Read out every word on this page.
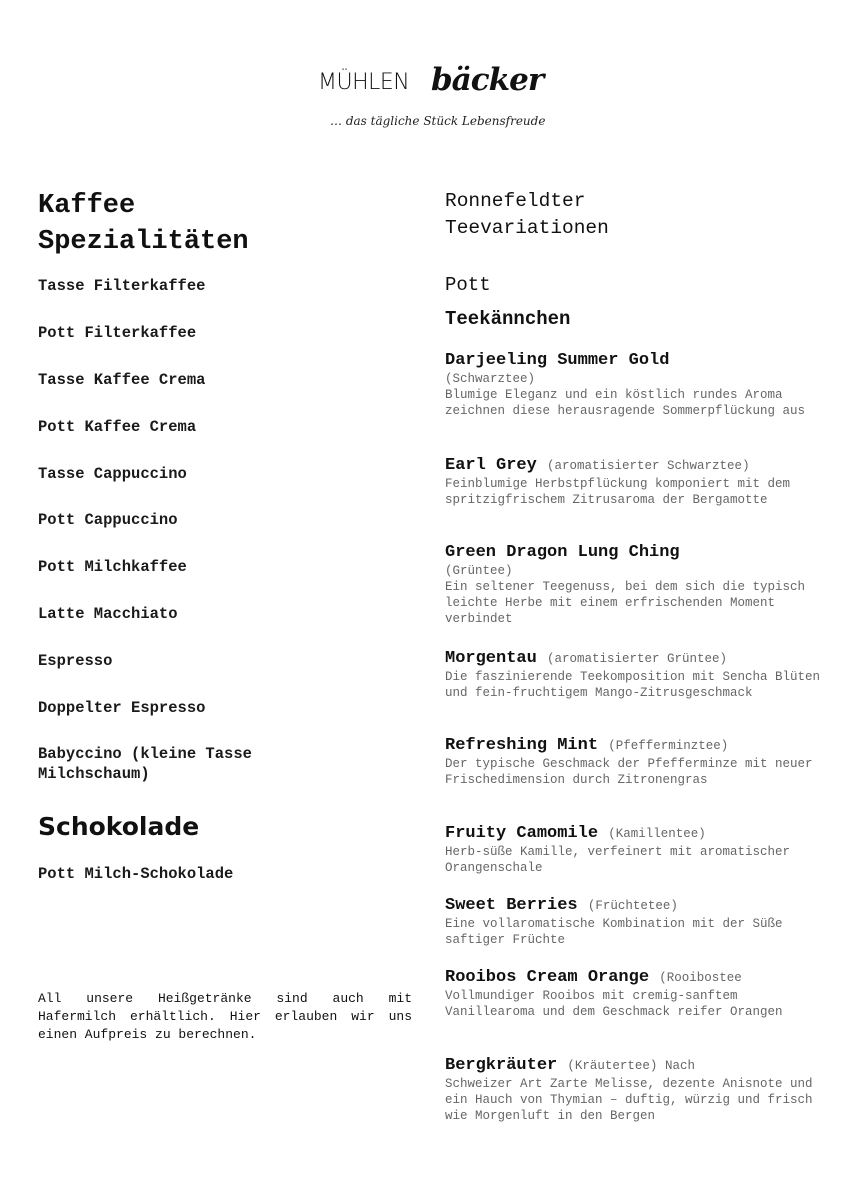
MÜHLEN bäcker
… das tägliche Stück Lebensfreude
Kaffee
Spezialitäten
Tasse Filterkaffee
Pott Filterkaffee
Tasse Kaffee Crema
Pott Kaffee Crema
Tasse Cappuccino
Pott Cappuccino
Pott Milchkaffee
Latte Macchiato
Espresso
Doppelter Espresso
Babyccino (kleine Tasse
Milchschaum)
Schokolade
Pott Milch-Schokolade
All unsere Heißgetränke sind auch mit Hafermilch erhältlich. Hier erlauben wir uns einen Aufpreis zu berechnen.
Ronnefeldter
Teevariationen
Pott
Teekännchen
Darjeeling Summer Gold
(Schwarztee)
Blumige Eleganz und ein köstlich rundes Aroma zeichnen diese herausragende Sommerpflückung aus
Earl Grey (aromatisierter Schwarztee)
Feinblumige Herbstpflückung komponiert mit dem spritzigfrischem Zitrusaroma der Bergamotte
Green Dragon Lung Ching
(Grüntee)
Ein seltener Teegenuss, bei dem sich die typisch leichte Herbe mit einem erfrischenden Moment verbindet
Morgentau (aromatisierter Grüntee)
Die faszinierende Teekomposition mit Sencha Blüten und fein-fruchtigem Mango-Zitrusgeschmack
Refreshing Mint (Pfefferminztee)
Der typische Geschmack der Pfefferminze mit neuer Frischedimension durch Zitronengras
Fruity Camomile (Kamillentee)
Herb-süße Kamille, verfeinert mit aromatischer Orangenschale
Sweet Berries (Früchtetee)
Eine vollaromatische Kombination mit der Süße saftiger Früchte
Rooibos Cream Orange (Rooibostee
Vollmundiger Rooibos mit cremig-sanftem Vanillearoma und dem Geschmack reifer Orangen
Bergkräuter (Kräutertee) Nach
Schweizer Art Zarte Melisse, dezente Anisnote und ein Hauch von Thymian – duftig, würzig und frisch wie Morgenluft in den Bergen
